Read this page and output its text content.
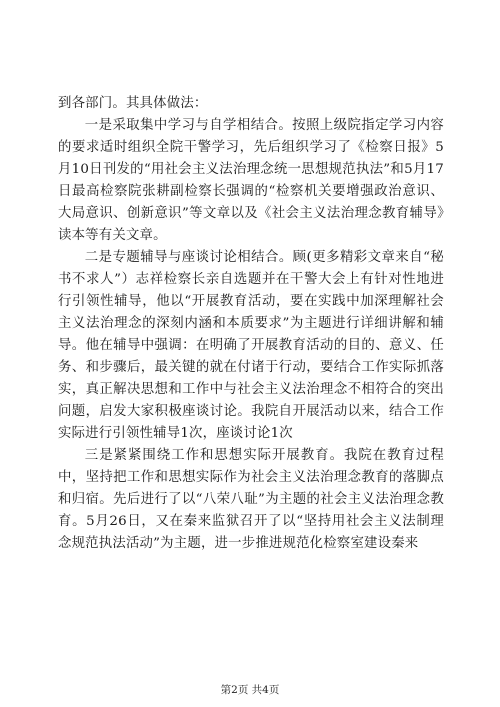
到各部门。其具体做法：

一是采取集中学习与自学相结合。按照上级院指定学习内容的要求适时组织全院干警学习，先后组织学习了《检察日报》5月10日刊发的“用社会主义法治理念统一思想规范执法”和5月17日最高检察院张耕副检察长强调的“检察机关要增强政治意识、大局意识、创新意识”等文章以及《社会主义法治理念教育辅导》读本等有关文章。

二是专题辅导与座谈讨论相结合。顾(更多精彩文章来自“秘书不求人”）志祥检察长亲自选题并在干警大会上有针对性地进行引领性辅导，他以“开展教育活动，要在实践中加深理解社会主义法治理念的深刻内涵和本质要求”为主题进行详细讲解和辅导。他在辅导中强调：在明确了开展教育活动的目的、意义、任务、和步骤后，最关键的就在付诸于行动，要结合工作实际抓落实，真正解决思想和工作中与社会主义法治理念不相符合的突出问题，启发大家积极座谈讨论。我院自开展活动以来，结合工作实际进行引领性辅导1次，座谈讨论1次

三是紧紧围绕工作和思想实际开展教育。我院在教育过程中，坚持把工作和思想实际作为社会主义法治理念教育的落脚点和归宿。先后进行了以“八荣八耻”为主题的社会主义法治理念教育。5月26日，又在秦来监狱召开了以“坚持用社会主义法制理念规范执法活动”为主题，进一步推进规范化检察室建设秦来

第2页 共4页
